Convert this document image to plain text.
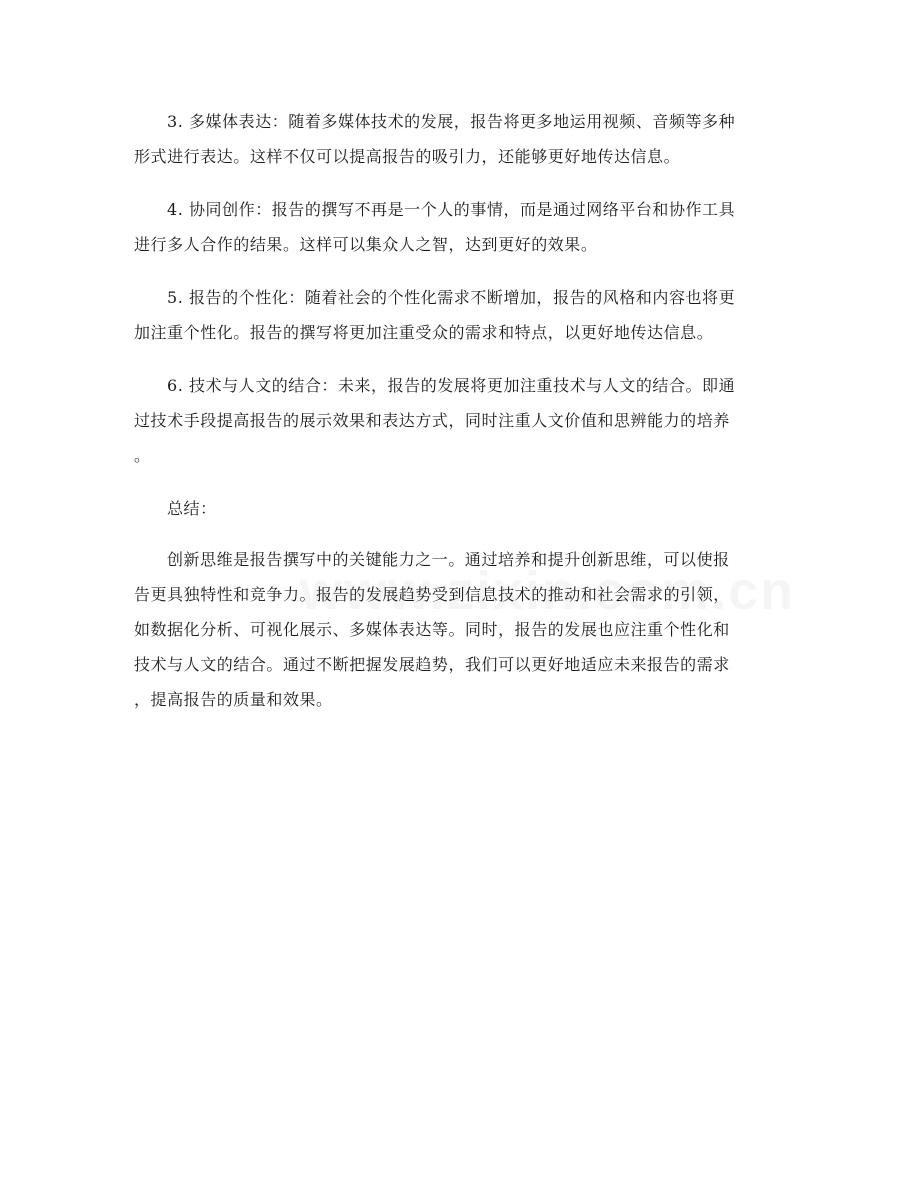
3. 多媒体表达：随着多媒体技术的发展，报告将更多地运用视频、音频等多种
形式进行表达。这样不仅可以提高报告的吸引力，还能够更好地传达信息。

4. 协同创作：报告的撰写不再是一个人的事情，而是通过网络平台和协作工具
进行多人合作的结果。这样可以集众人之智，达到更好的效果。

5. 报告的个性化：随着社会的个性化需求不断增加，报告的风格和内容也将更
加注重个性化。报告的撰写将更加注重受众的需求和特点，以更好地传达信息。

6. 技术与人文的结合：未来，报告的发展将更加注重技术与人文的结合。即通
过技术手段提高报告的展示效果和表达方式，同时注重人文价值和思辨能力的培养
。

总结：

创新思维是报告撰写中的关键能力之一。通过培养和提升创新思维，可以使报
告更具独特性和竞争力。报告的发展趋势受到信息技术的推动和社会需求的引领，
如数据化分析、可视化展示、多媒体表达等。同时，报告的发展也应注重个性化和
技术与人文的结合。通过不断把握发展趋势，我们可以更好地适应未来报告的需求
，提高报告的质量和效果。
